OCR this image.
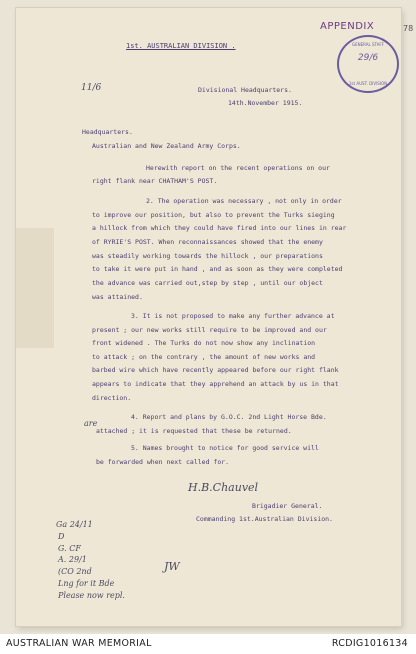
78
APPENDIX
GENERAL STAFF
29/6
1st AUST. DIVISION
1st. AUSTRALIAN DIVISION .
11/6	Divisional Headquarters.
14th.November 1915.
Headquarters.
Australian and New Zealand Army Corps.
Herewith report on the recent operations on our
right flank near CHATHAM'S POST.
2. The operation was necessary , not only in order
to improve our position, but also to prevent the Turks sieging
a hillock from which they could have fired into our lines in rear
of RYRIE'S POST. When reconnaissances showed that the enemy
was steadily working towards the hillock , our preparations
to take it were put in hand , and as soon as they were completed
the advance was carried out,step by step , until our object
was attained.
3. It is not proposed to make any further advance at
present ; our new works still require to be improved and our
front widened . The Turks do not now show any inclination
to attack ; on the contrary , the amount of new works and
barbed wire which have recently appeared before our right flank
appears to indicate that they apprehend an attack by us in that
direction.
4. Report and plans by G.O.C. 2nd Light Horse Bde.
are
attached ; it is requested that these be returned.
5. Names brought to notice for good service will
be forwarded when next called for.
H.B.Chauvel
Brigadier General.
Commanding 1st.Australian Division.
Ga 24/11
D
G. CF
A. 29/1
(CO 2nd
Lng for it Bde
Please now repl.
JW
AUSTRALIAN WAR MEMORIAL	RCDIG1016134
